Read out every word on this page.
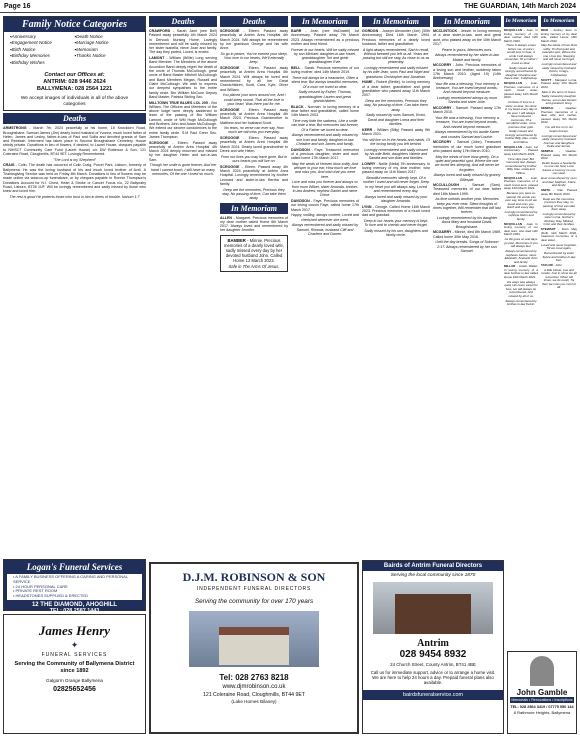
Page 16	THE GUARDIAN, 14th March 2024
Family Notice Categories
▪ Anniversary
▪ Engagement Notice
▪ Birth Notice
▪ Birthday Memories
▪ Birthday Wishes
▪ Death Notice
▪ Marriage Notice
▪ Memoriam
▪ Thanks Notice
Contact our Offices at:
ANTRIM: 028 9446 2624
BALLYMENA: 028 2564 1221
We accept images of individuals in all of the above categories
Deaths

ARMSTRONG - March 7th, 2024 peacefully at his home, 15 Knocklorn Road, Broughshane, Samuel James (Jim) dearly loved husband of Yvonne, much loved father of Helen, James and Lesley, father-in-law of Paul and Soilla and devoted granda of Sam and Rebekah. Interment has taken place in Second Broughshane Cemetery. House strictly private. Donations in lieu of flowers, if desired, to Laurel House, cheques payable to NIHSCT Community Care Fund (Laurel House) c/o DW Robinson & Son, 121 Coleraine Road, Cloughmills, BT44 9ET. Lovingly Remembered.

"The Lord is my Shepherd"

CRAIG - Colin. The death has occurred of Colin Craig, Purcel Park, Lisburn, formerly of Ballymena. He was the loving husband of Iris and much loved brother of Avril. A Thanksgiving Service was held on Friday 8th March. Donations in lieu of flowers may be made online via www.co-op funeralcare, or by cheques payable to Ronnie Thompson's Donations Account for N.I. Chest, Heart & Stroke or Cancer Focus c/o, 22 Ballynahy Road, Lisburn, BT28 1UF. Will be lovingly remembered and sadly missed by those who knew and loved him.

The rest is good He protects those who trust in him in times of trouble. Nahum 1:7

Deaths

CRAWFORD - Sarah Jane (nee Bell) Passed away peacefully 4th March 2024 in Dervock Nursing Home, Lovingly remembered and will be sadly missed by her sister Isabella, niece Joan and family. The day they parted, Loved, is ended.

LAMONT - William (Willie) Long serving Band Member. The Members of the above Accordion Band deeply regret the death of the uncle of Thomas McCullough, great uncle of Band Master Mitchell McCullough and Band Members Megan, Russell and Claire McCullough. We wish to express our deepest sympathies to the entire family circle. Bro William McCune Deputy Band Master, Patricia Stirling Sec.

MILLTOWN TRUE BLUES LOL 205 - Bro William. The Officers and Members of the above lodge were deeply saddened to learn of the passing of Bro William Lamont, uncle of WM Hugh McCullough and Brothers John and Adam McCullough. We extend our sincere condolences to the entire family circle. S.M Paul Greer Sec. James Thompson

SCROGGIE - Eileen. Passed away peacefully at Antrim Area Hospital 4th March 2024 deeply mourned and missed by her daughter Helen and son-in-law Sam.

Though her smile is gone forever, And her hand I cannot touch, I still have so many memories, Of the one I loved so much.

Deaths

SCROGGIE - Eileen. Passed away peacefully at Antrim Area Hospital 4th March 2024. Will always be remembered by her grandson George and his wife Anne.

So go in peace, You've earned your sleep, Your love in our hearts, We'll eternally keep.

SCROGGIE - Eileen. Passed away peacefully at Antrim Area Hospital 4th March 2024. Will always be loved and remembered by all her Great Grandchildren, Scott, Cara, Kyle, Oliver and William.

You placed your arms around me, And I could sleep sound. That all the love in your heart, Was there just for me.

SCROGGIE - Eileen. Passed away peacefully at Antrim Area Hospital 4th March 2024. Precious Grandmother to Matthew and her husband Scott.

No tears, no verse can ever say, How much we will miss you everyday.

SCROGGIE - Eileen. Passed away peacefully at Antrim Area Hospital 4th March 2024. Dearly loved grandmother to Derek and wife Helen.

From our lives you may have gone, But in ours hearts you will live on.

SCROGGIE - Eileen. Passed away 4th March 2024 peacefully at Antrim Area Hospital. Lovingly remembered by brother Leonard and sister-in-law Bertha and family.

Deep are the memories, Precious they stay, No passing of time, Can take them away.

In Memoriam

ALLEN - Margaret. Precious memories of my dear mother called Home 6th March 2017. Always loved and remembered by her daughter Jennifer.

BAMBER - Minnie. Precious memories of a dearly loved wife, sadly missed every day by her devoted husband John. Called Home 12 March 2023.

Safe in The Arms Of Jesus.

In Memoriam

BARR - Jean (nee McDowell) 1st Anniversary. Passed away 7th March 2023. Always remembered as a precious mother and best friend.

Forever in our hearts. Will be sadly missed by son Michael, daughter-in-law Hazel, granddaughter Tori and great granddaughter Evie.

BELL - Sarah. Precious memories of our loving mother, died 14th March 2019.

There will always be a heartache, Often a silent tear, But always beautiful memories, Of a mum we loved so dear.

Sadly missed by Esther, Thomas, granddaughter Lauren and great grandchildren.

BLACK - Norman. In loving memory of a dear father and grandfather, called home 14th March 2003.

Time may hide the sadness, Like a smile can hide a tear, But memories last forever, Of a Father we loved so dear.

Always remembered and sadly missed by son Ivan and family, daughter-in-law Christine and son James and family.

DAVIDSON - Faye. Treasured memories of a precious daughter, sister and aunt, called home 17th March 2017.

May the winds of Heaven blow softly, And whisper in your ear, How much we love and miss you, And wish that you were here.

Love and miss you forever and always xx from mum Wilber, sister Amanda, brother-in-law Andrew, nephew Daniel and niece Chloe.

DAVIDSON - Faye. Precious memories of our loving cousin Faye, called home 17th March 2017.

Happy, smiling, always content, Loved and cherished wherever she went.

Always remembered and sadly missed by Samuel, Rhonda, husband Cliff and Charlene and Darren.

In Memoriam

GORDON - Joseph Alexander (Joe) (30th Anniversary) Died 16th March 1994. Precious memories of a dearly loved husband, father and grandfather.

A light always remembered, Sad to recall, Without farewell you left us all. Years are passing but still we stay, As close to us as yesterday.

Lovingly remembered and sadly missed by his wife Jean, sons Paul and Nigel and grandsons Christopher and Jonathan.

HUME - Robert (Bertie). In loving memory of a dear father, grandfather and great grandfather who passed away 11th March 2007.

Deep are the memories, Precious they stay, No passing of time, Can take them away.

Sadly missed by sons Samuel, Erwin, David and daughter Lorna and their families.

KERR - William (Billy) Passed away 9th March 2021.

You still live on in the hearts and minds, Of the loving family you left behind.

Lovingly remembered and sadly missed by his wife Beth, daughters Valerie and Sandra and son Alan and families.

LOWRY - Nellie (Nelia) 7th anniversary. In loving memory of my dear mother, who passed away on 11th March 2017.

Beautiful memories silently kept, Of a mother I loved and will never forget. Deep in my heart you will always stay, Loved and remembered every day.

Always loved and sadly missed by your daughter Amanda.

LYNN - George. Called Home 16th March 2023. Precious memories of a much loved dad and grandad.

Deep in our hearts your memory is kept, To love and to cherish and never forget.

Sadly missed by his son, daughters and family circle.

In Memoriam

MCCLINTOCK - Jessie. In loving memory of a dear sister-in-law, aunt and great aunt, who passed away on the 10th March 2017.

Peace is yours, Memories ours.

Always remembered by her sister-in-law Maisie and family.

MCCORRY - John. Precious memories of a loving son and brother, suddenly taken 17th March 2010. (Aged 19) (14th Anniversary)

Your life was a blessing, Your memory a treasure, You are loved beyond words, And missed beyond measure.

Lovingly remembered always by mum Sandra and sister Julie.

MCCORRY - Samuel. Passed away 17th March 2010.

Your life was a blessing, Your memory a treasure, You are loved beyond words, And missed beyond measure.

Always remembered by his auntie Karen and cousins Samuel and Louise.

MCCRORY - Samuel (John). Treasured memories of our much loved grandson who passed away 17th March 2010.

May the winds of love blow gently, On a quiet and peaceful spot, Where the one we loved lies sleeping, And will never be forgotten.

Always loved and sadly missed by granny Gillespie.

MCCULLOUGH - Samuel (Sam). Treasured memories of our dear father died 18th March 1999.

As time unfolds another year, Memories keep you ever near, Silent thoughts of times together, Will remember that will last forever.

Lovingly remembered by his daughter Anna Mary and husband David, Broughshane.

MCGARRY - Minnie, died 8th March 1989. Called home 30th May 2016.

Until the day breaks. Songs of Solomon 2:17. Always remembered by her son Samuel.

In Memoriam

MCQUILLAN - Joan. In loving memory of my dear mother, died 12th March 2023.

There is always a face before me, A voice I would love to hear, A smile I will always remember, Of a mother I loved so dear.

Sadly missed and lovingly remembered by daughter Charlene and fiance Alec, Cullybackey.

MCQUILLAN - Joan. Precious memories of a much loved sister, passed away 12th March 2023.

A tribute of love to a sister so dear, So close in my heart every day of the year. I will always have treasured memories, Of a wonderful sister, more precious than gold.

Sadly missed and lovingly remembered by brother Billy, Rae, Linda and Wilma.

MCQUILLAN - Joan. 1st Anniversary. Passed away 12th March 2023.

Time slips past, But memories last. Always remembered by brother Billy, Rae, Linda and Wilma.

MCQUILLAN - Joan. Precious memories of a much loved aunt, passed away 12th March 2023.

Because you were so special, No words can ever say, How much we loved and miss you, Each and every day.

Lovingly remembered by nephew Glenn and family.

MCQUILLAN - Joan. In loving memory of our dear aunt, who died 12th March 2023.

As life goes on and days go past, Memories of you will always last.

Always remembered by nephews James, niece Elizabeth, husband John and family.

MILLAR - Austin Walter. In loving memory of a dear brother-in-law called Home 10th March 2021.

His ways was always quiet, His never cared for fuss, He will always be remembered, And missed by all of us.

Always remembered by brother-in-law Kelvin.

In Memoriam

REID - Audrey Jean. In loving memory of my dear wife, called Home 16th March 2012.

May the winds of love blow softly, On that quiet and peaceful spot, Where the one I love lies, Sleeping and will never be forgot.

Lovingly remembered and sadly missed by husband Kelvin, Craigs, Cullybackey.

SCOTT - Margaret Lorna. Passed away 17th March 2023.

Safe in the arms of Jesus.

Sadly missed by daughter Denise, son-in-law Derwin and grandson Greg.

SEMPLE - Heather. Precious memories of a dear wife and mother, passed away 9th March 2022.

You will live on In our hearts forever.

Lovingly remembered and sadly missed by husband Norman and daughters Kellie and Jennie.

SEMPLE - Heather. Passed away 9th March 2022.

Death leaves a heartache no one can heal, Love leaves a memory no one can steal.

Ever remembered by mum and dad, Stephen, Claire and family.

SMITH - Dan. Passed away 9th March 2023.

Deep are the memories, precious they stay, no passing of time can take them away.

Lovingly remembered by sister Lorna, brother's Rodney, Ray, Mildred, Colin and their families.

STEWART - Doris May (Doll). 11th March 2020, treasured memories of a dear sister.

Loved and never forgotten, Till we meet again.

Remembered by sister Sylvia and brother-in-law Ken.

TAYLOR - John.

A little tribute, true and tender, Just to show we all remember. When old times, we do recall, Tis then we miss you most of all.

Logan's Funeral Services
• A FAMILY BUSINESS OFFERING A CARING AND PERSONAL SERVICE
• 24 HOUR PERSONAL CARE
• PRIVATE REST ROOM
• HEADSTONES SUPPLIED & ERECTED
12 THE DIAMOND, AHOGHILL
TEL: 028 2587 1443
James Henry
✦
FUNERAL SERVICES
Serving the Community of Ballymena District since 1892
Galgorm Grange Ballymena
02825652456
D.J.M. ROBINSON & SON
INDEPENDENT FUNERAL DIRECTORS
Serving the community for over 170 years
Tel: 028 2763 8218
www.djmrobinson.co.uk
121 Coleraine Road, Cloughmills, BT44 9ET
(Lake Homes Bilaney)
Bairds of Antrim Funeral Directors
Serving the local community since 1870
Antrim
028 9454 8932
24 Church Street, County Antrim, BT41 4BE
Call us for immediate support, advice or to arrange a home visit. We are here to help 24 hours a day. Prepaid funeral plans also available.
bairdsfuneralservice.com	John Gamble
Memorials • Renovations • Inscriptions
TEL: 028 2564 3419 / 07775 950 144
8 Rathmore Heights, Ballymena
